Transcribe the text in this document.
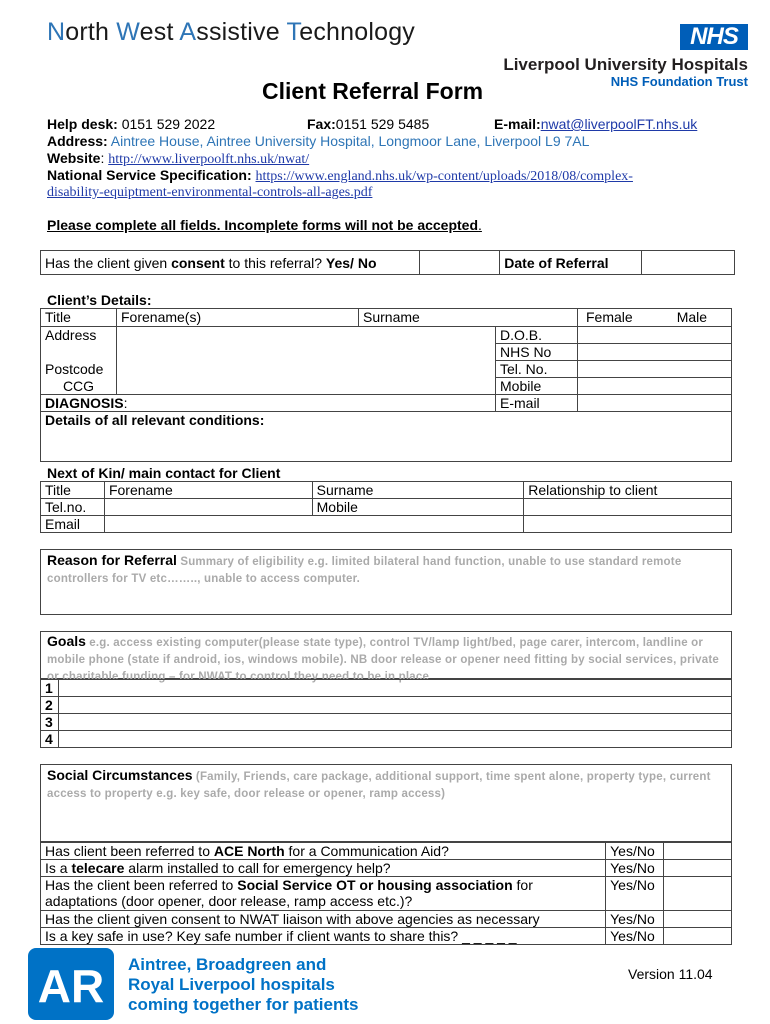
North West Assistive Technology	NHS
Liverpool University Hospitals
NHS Foundation Trust
Client Referral Form
Help desk: 0151 529 2022	Fax:0151 529 5485	E-mail:nwat@liverpoolFT.nhs.uk
Address: Aintree House, Aintree University Hospital, Longmoor Lane, Liverpool L9 7AL
Website: http://www.liverpoolft.nhs.uk/nwat/
National Service Specification: https://www.england.nhs.uk/wp-content/uploads/2018/08/complex-
disability-equiptment-environmental-controls-all-ages.pdf
Please complete all fields. Incomplete forms will not be accepted.
Has the client given consent to this referral? Yes/ No		Date of Referral	
Client’s Details:
Title	Forename(s)	Surname		Female Male
Address			D.O.B.	
			NHS No	
Postcode			Tel. No.	
CCG			Mobile	
DIAGNOSIS:			E-mail	
Details of all relevant conditions:				
Next of Kin/ main contact for Client
Title	Forename	Surname	Relationship to client
Tel.no.		Mobile	
Email			
Reason for Referral Summary of eligibility e.g. limited bilateral hand function, unable to use standard remote controllers for TV etc…….., unable to access computer.
Goals e.g. access existing computer(please state type), control TV/lamp light/bed, page carer, intercom, landline or mobile phone (state if android, ios, windows mobile). NB door release or opener need fitting by social services, private or charitable funding – for NWAT to control they need to be in place
1	
2	
3	
4	
Social Circumstances (Family, Friends, care package, additional support, time spent alone, property type, current access to property e.g. key safe, door release or opener, ramp access)
Has client been referred to ACE North for a Communication Aid?	Yes/No	
Is a telecare alarm installed to call for emergency help?	Yes/No	
Has the client been referred to Social Service OT or housing association for adaptations (door opener, door release, ramp access etc.)?	Yes/No	
Has the client given consent to NWAT liaison with above agencies as necessary	Yes/No	
Is a key safe in use? Key safe number if client wants to share this? _ _ _ _ _	Yes/No	
AR Aintree, Broadgreen and
Royal Liverpool hospitals
coming together for patients
Version 11.04
